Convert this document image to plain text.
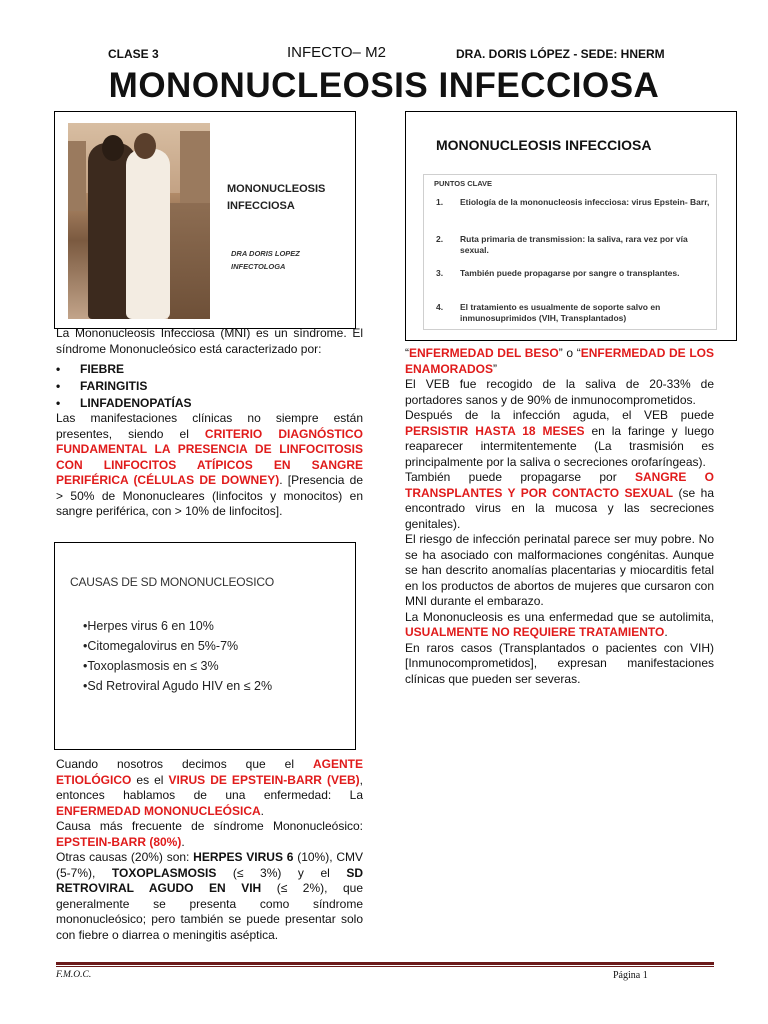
CLASE 3	INFECTO– M2	DRA. DORIS LÓPEZ - SEDE: HNERM
MONONUCLEOSIS INFECCIOSA
MONONUCLEOSIS
INFECCIOSA
DRA DORIS LOPEZ
INFECTOLOGA
MONONUCLEOSIS INFECCIOSA
PUNTOS CLAVE
1. Etiología de la mononucleosis infecciosa: virus Epstein- Barr,
2. Ruta primaria de transmission: la saliva, rara vez por vía sexual.
3. También puede propagarse por sangre o transplantes.
4. El tratamiento es usualmente de soporte salvo en inmunosuprimidos (VIH, Transplantados)

La Mononucleosis Infecciosa (MNI) es un síndrome. El síndrome Mononucleósico está caracterizado por:

• FIEBRE
• FARINGITIS
• LINFADENOPATÍAS

Las manifestaciones clínicas no siempre están presentes, siendo el CRITERIO DIAGNÓSTICO FUNDAMENTAL LA PRESENCIA DE LINFOCITOSIS CON LINFOCITOS ATÍPICOS EN SANGRE PERIFÉRICA (CÉLULAS DE DOWNEY). [Presencia de > 50% de Mononucleares (linfocitos y monocitos) en sangre periférica, con > 10% de linfocitos].

CAUSAS DE SD MONONUCLEOSICO
•Herpes virus 6 en 10%
•Citomegalovirus en 5%-7%
•Toxoplasmosis en ≤ 3%
•Sd Retroviral Agudo HIV en ≤ 2%

Cuando nosotros decimos que el AGENTE ETIOLÓGICO es el VIRUS DE EPSTEIN-BARR (VEB), entonces hablamos de una enfermedad: La ENFERMEDAD MONONUCLEÓSICA.

Causa más frecuente de síndrome Mononucleósico: EPSTEIN-BARR (80%).

Otras causas (20%) son: HERPES VIRUS 6 (10%), CMV (5-7%), TOXOPLASMOSIS (≤ 3%) y el SD RETROVIRAL AGUDO EN VIH (≤ 2%), que generalmente se presenta como síndrome mononucleósico; pero también se puede presentar solo con fiebre o diarrea o meningitis aséptica.

“ENFERMEDAD DEL BESO” o “ENFERMEDAD DE LOS ENAMORADOS”

El VEB fue recogido de la saliva de 20-33% de portadores sanos y de 90% de inmunocomprometidos.

Después de la infección aguda, el VEB puede PERSISTIR HASTA 18 MESES en la faringe y luego reaparecer intermitentemente (La trasmisión es principalmente por la saliva o secreciones orofaríngeas).

También puede propagarse por SANGRE O TRANSPLANTES Y POR CONTACTO SEXUAL (se ha encontrado virus en la mucosa y las secreciones genitales).

El riesgo de infección perinatal parece ser muy pobre. No se ha asociado con malformaciones congénitas. Aunque se han descrito anomalías placentarias y miocarditis fetal en los productos de abortos de mujeres que cursaron con MNI durante el embarazo.

La Mononucleosis es una enfermedad que se autolimita, USUALMENTE NO REQUIERE TRATAMIENTO.

En raros casos (Transplantados o pacientes con VIH) [Inmunocomprometidos], expresan manifestaciones clínicas que pueden ser severas.

F.M.O.C.	Página 1
